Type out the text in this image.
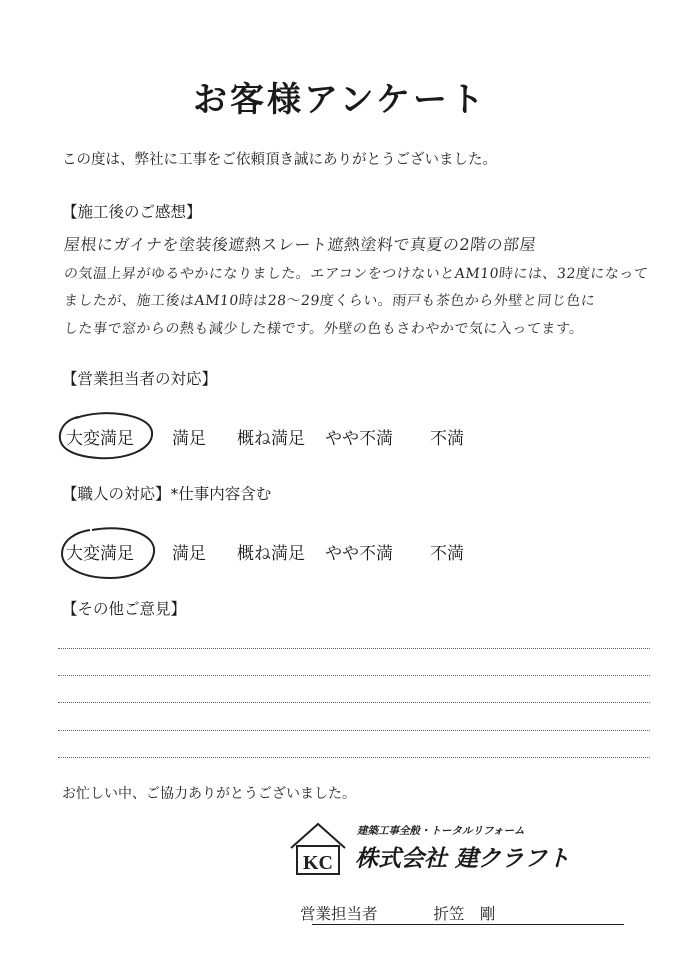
お客様アンケート
この度は、弊社に工事をご依頼頂き誠にありがとうございました。
【施工後のご感想】
屋根にガイナを塗装後遮熱スレート遮熱塗料で真夏の2階の部屋
の気温上昇がゆるやかになりました。エアコンをつけないとAM10時には、32度になって
ましたが、施工後はAM10時は28～29度くらい。雨戸も茶色から外壁と同じ色に
した事で窓からの熱も減少した様です。外壁の色もさわやかで気に入ってます。
【営業担当者の対応】
大変満足 満足 概ね満足 やや不満 不満
【職人の対応】*仕事内容含む
大変満足 満足 概ね満足 やや不満 不満
【その他ご意見】
お忙しい中、ご協力ありがとうございました。
KC
建築工事全般・トータルリフォーム
株式会社 建クラフト
営業担当者	折笠　剛
